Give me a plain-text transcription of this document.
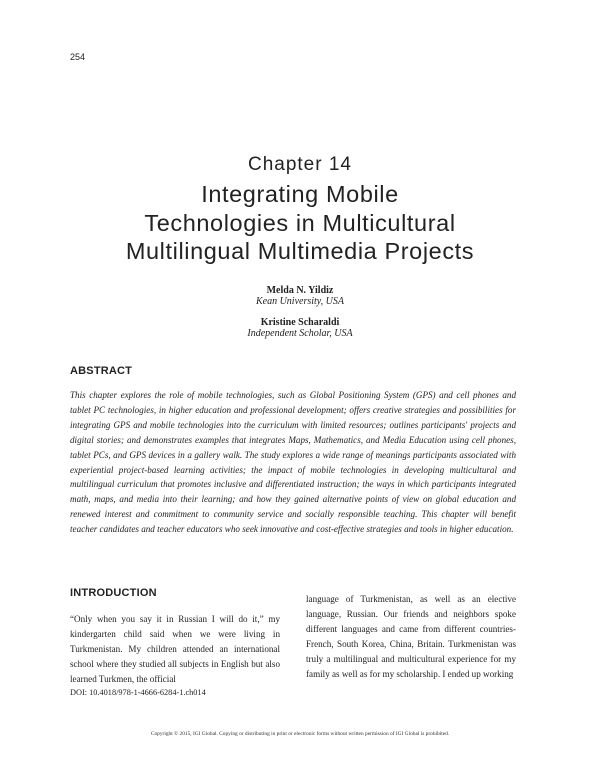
254
Chapter 14
Integrating Mobile
Technologies in Multicultural
Multilingual Multimedia Projects
Melda N. Yildiz
Kean University, USA
Kristine Scharaldi
Independent Scholar, USA
ABSTRACT
This chapter explores the role of mobile technologies, such as Global Positioning System (GPS) and cell phones and tablet PC technologies, in higher education and professional development; offers creative strategies and possibilities for integrating GPS and mobile technologies into the curriculum with limited resources; outlines participants' projects and digital stories; and demonstrates examples that integrates Maps, Mathematics, and Media Education using cell phones, tablet PCs, and GPS devices in a gallery walk. The study explores a wide range of meanings participants associated with experiential project-based learning activities; the impact of mobile technologies in developing multicultural and multilingual curriculum that promotes inclusive and differentiated instruction; the ways in which participants integrated math, maps, and media into their learning; and how they gained alternative points of view on global education and renewed interest and commitment to community service and socially responsible teaching. This chapter will benefit teacher candidates and teacher educators who seek innovative and cost-effective strategies and tools in higher education.
INTRODUCTION

“Only when you say it in Russian I will do it,” my kindergarten child said when we were living in Turkmenistan. My children attended an international school where they studied all subjects in English but also learned Turkmen, the official

language of Turkmenistan, as well as an elective language, Russian. Our friends and neighbors spoke different languages and came from different countries- French, South Korea, China, Britain. Turkmenistan was truly a multilingual and multicultural experience for my family as well as for my scholarship. I ended up working

DOI: 10.4018/978-1-4666-6284-1.ch014
Copyright © 2015, IGI Global. Copying or distributing in print or electronic forms without written permission of IGI Global is prohibited.
